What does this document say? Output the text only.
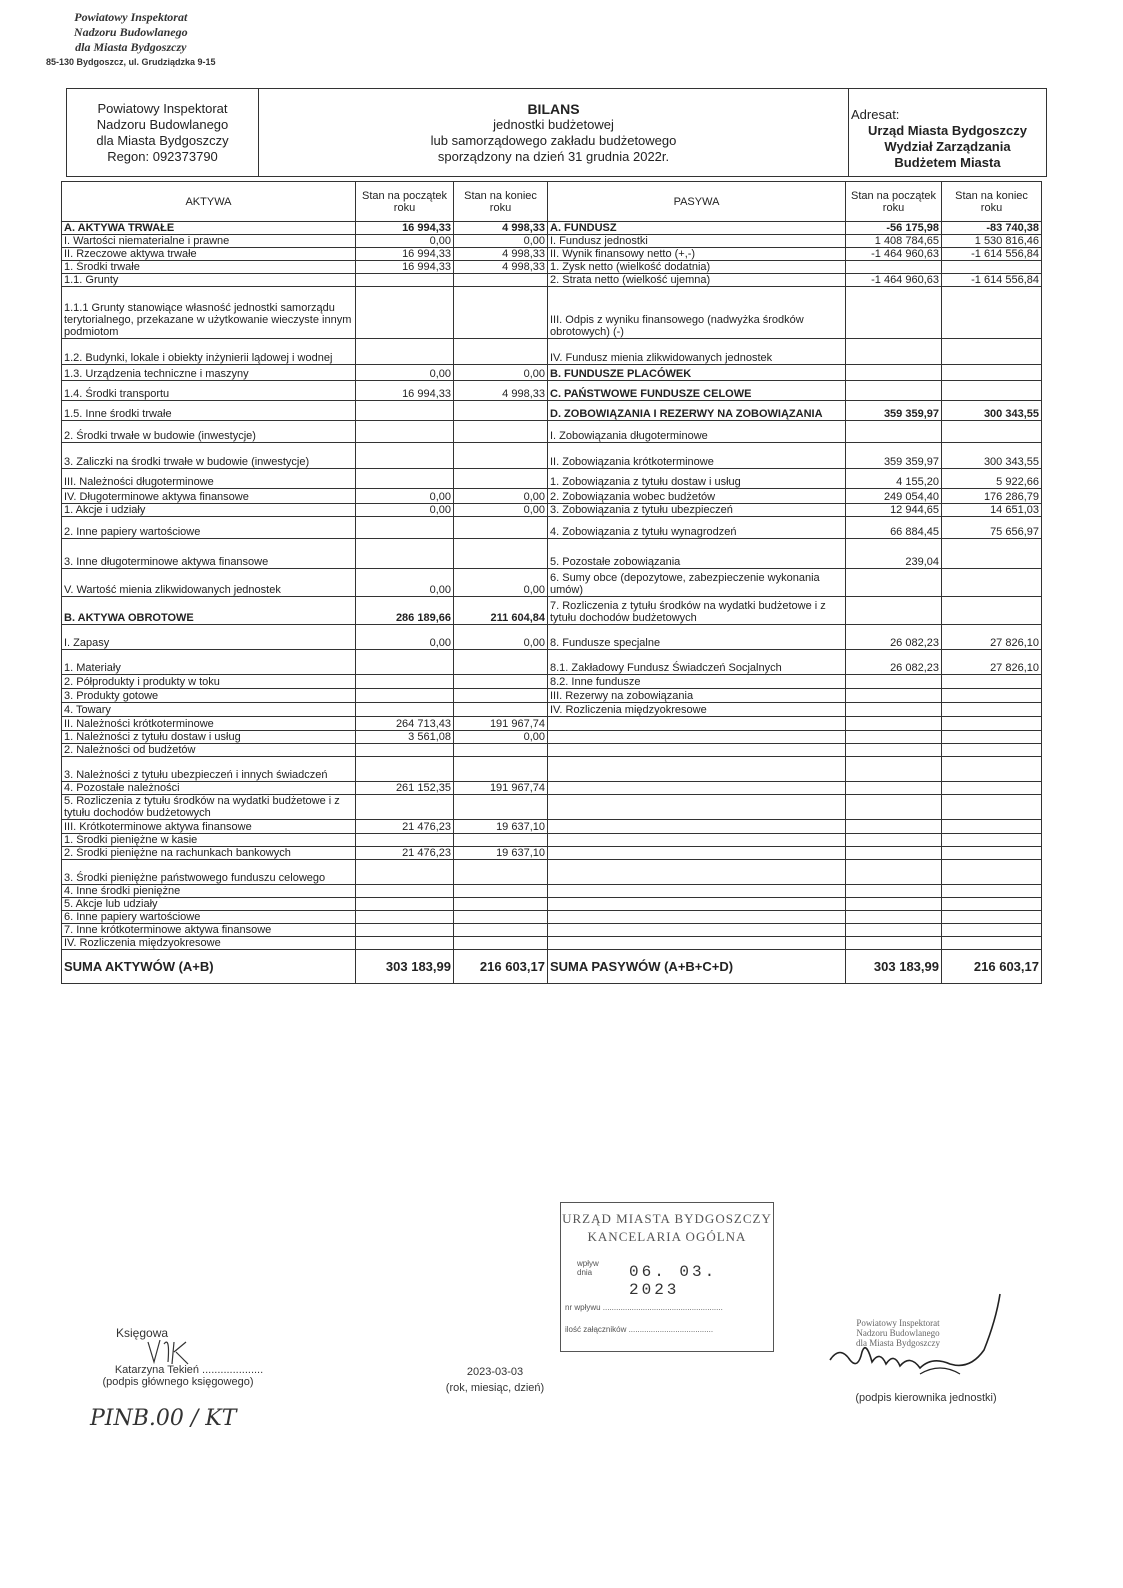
Powiatowy Inspektorat
Nadzoru Budowlanego
dla Miasta Bydgoszczy
85-130 Bydgoszcz, ul. Grudziądzka 9-15
Powiatowy Inspektorat
Nadzoru Budowlanego
dla Miasta Bydgoszczy
Regon: 092373790

BILANS
jednostki budżetowej
lub samorządowego zakładu budżetowego
sporządzony na dzień 31 grudnia 2022r.

Adresat:
Urząd Miasta Bydgoszczy
Wydział Zarządzania
Budżetem Miasta
AKTYWA	Stan na początek roku	Stan na koniec roku	PASYWA	Stan na początek roku	Stan na koniec roku
A. AKTYWA TRWAŁE	16 994,33	4 998,33	A. FUNDUSZ	-56 175,98	-83 740,38
I. Wartości niematerialne i prawne	0,00	0,00	I. Fundusz jednostki	1 408 784,65	1 530 816,46
II. Rzeczowe aktywa trwałe	16 994,33	4 998,33	II. Wynik finansowy netto (+,-)	-1 464 960,63	-1 614 556,84
1. Środki trwałe	16 994,33	4 998,33	1. Zysk netto (wielkość dodatnia)		
1.1. Grunty			2. Strata netto (wielkość ujemna)	-1 464 960,63	-1 614 556,84
1.1.1 Grunty stanowiące własność jednostki samorządu terytorialnego, przekazane w użytkowanie wieczyste innym podmiotom			III. Odpis z wyniku finansowego (nadwyżka środków obrotowych) (-)		
1.2. Budynki, lokale i obiekty inżynierii lądowej i wodnej			IV. Fundusz mienia zlikwidowanych jednostek		
1.3. Urządzenia techniczne i maszyny	0,00	0,00	B. FUNDUSZE PLACÓWEK		
1.4. Środki transportu	16 994,33	4 998,33	C. PAŃSTWOWE FUNDUSZE CELOWE		
1.5. Inne środki trwałe			D. ZOBOWIĄZANIA I REZERWY NA ZOBOWIĄZANIA	359 359,97	300 343,55
2. Środki trwałe w budowie (inwestycje)			I. Zobowiązania długoterminowe		
3. Zaliczki na środki trwałe w budowie (inwestycje)			II. Zobowiązania krótkoterminowe	359 359,97	300 343,55
III. Należności długoterminowe			1. Zobowiązania z tytułu dostaw i usług	4 155,20	5 922,66
IV. Długoterminowe aktywa finansowe	0,00	0,00	2. Zobowiązania wobec budżetów	249 054,40	176 286,79
1. Akcje i udziały	0,00	0,00	3. Zobowiązania z tytułu ubezpieczeń	12 944,65	14 651,03
2. Inne papiery wartościowe			4. Zobowiązania z tytułu wynagrodzeń	66 884,45	75 656,97
3. Inne długoterminowe aktywa finansowe			5. Pozostałe zobowiązania	239,04	
V. Wartość mienia zlikwidowanych jednostek	0,00	0,00	6. Sumy obce (depozytowe, zabezpieczenie wykonania umów)		
B. AKTYWA OBROTOWE	286 189,66	211 604,84	7. Rozliczenia z tytułu środków na wydatki budżetowe i z tytułu dochodów budżetowych		
I. Zapasy	0,00	0,00	8. Fundusze specjalne	26 082,23	27 826,10
1. Materiały			8.1. Zakładowy Fundusz Świadczeń Socjalnych	26 082,23	27 826,10
2. Półprodukty i produkty w toku			8.2. Inne fundusze		
3. Produkty gotowe			III. Rezerwy na zobowiązania		
4. Towary			IV. Rozliczenia międzyokresowe		
II. Należności krótkoterminowe	264 713,43	191 967,74			
1. Należności z tytułu dostaw i usług	3 561,08	0,00			
2. Należności od budżetów					
3. Należności z tytułu ubezpieczeń i innych świadczeń					
4. Pozostałe należności	261 152,35	191 967,74			
5. Rozliczenia z tytułu środków na wydatki budżetowe i z tytułu dochodów budżetowych					
III. Krótkoterminowe aktywa finansowe	21 476,23	19 637,10			
1. Środki pieniężne w kasie					
2. Środki pieniężne na rachunkach bankowych	21 476,23	19 637,10			
3. Środki pieniężne państwowego funduszu celowego					
4. Inne środki pieniężne					
5. Akcje lub udziały					
6. Inne papiery wartościowe					
7. Inne krótkoterminowe aktywa finansowe					
IV. Rozliczenia międzyokresowe					
SUMA AKTYWÓW (A+B)	303 183,99	216 603,17	SUMA PASYWÓW (A+B+C+D)	303 183,99	216 603,17
URZĄD MIASTA BYDGOSZCZY
KANCELARIA OGÓLNA
wpływ
dnia	06. 03. 2023
nr wpływu ......................................................
ilość załączników ......................................
Księgowa
Katarzyna Tekień ....................
(podpis głównego księgowego)
2023-03-03
(rok, miesiąc, dzień)
Powiatowy Inspektorat
Nadzoru Budowlanego
dla Miasta Bydgoszczy
(podpis kierownika jednostki)
PINB.00 / KT
